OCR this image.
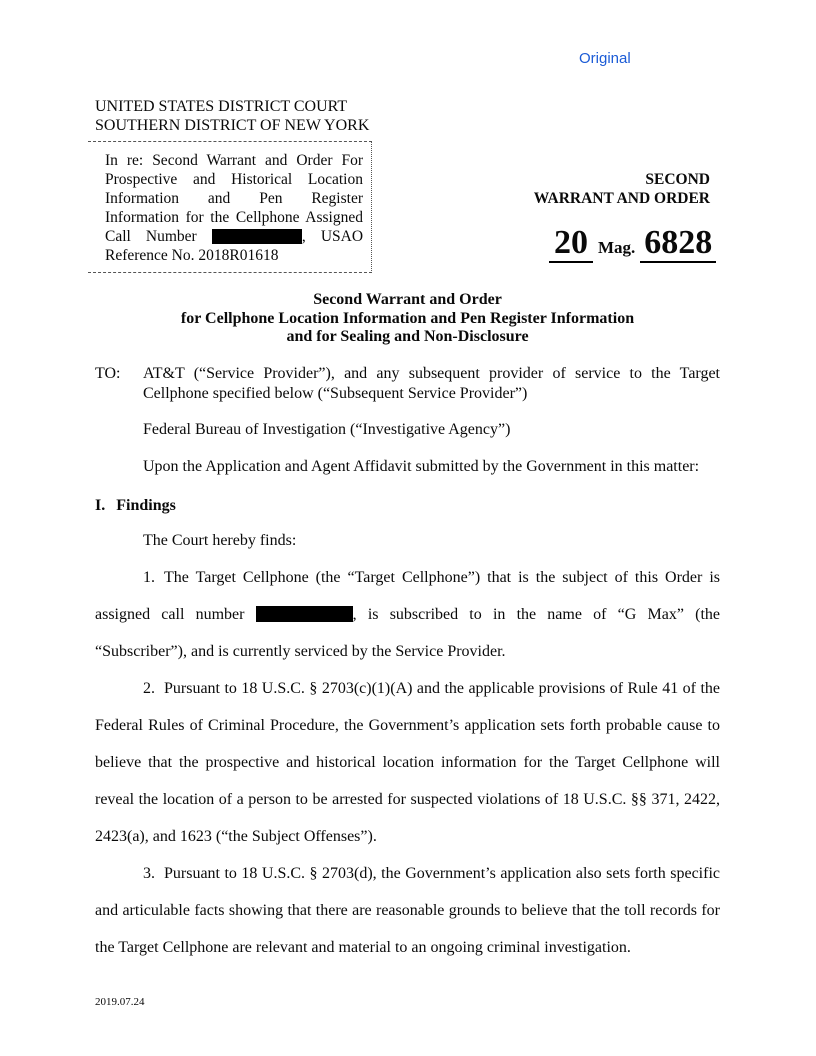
Original
UNITED STATES DISTRICT COURT
SOUTHERN DISTRICT OF NEW YORK
In re: Second Warrant and Order For
Prospective and Historical Location
Information and Pen Register
Information for the Cellphone Assigned
Call Number	, USAO
Reference No. 2018R01618
SECOND
WARRANT AND ORDER
20 Mag. 6828
Second Warrant and Order
for Cellphone Location Information and Pen Register Information
and for Sealing and Non-Disclosure
TO: AT&T (“Service Provider”), and any subsequent provider of service to the Target Cellphone specified below (“Subsequent Service Provider”)
Federal Bureau of Investigation (“Investigative Agency”)
Upon the Application and Agent Affidavit submitted by the Government in this matter:
I. Findings
The Court hereby finds:

1. The Target Cellphone (the “Target Cellphone”) that is the subject of this Order is assigned call number	, is subscribed to in the name of “G Max” (the “Subscriber”), and is currently serviced by the Service Provider.

2. Pursuant to 18 U.S.C. § 2703(c)(1)(A) and the applicable provisions of Rule 41 of the Federal Rules of Criminal Procedure, the Government’s application sets forth probable cause to believe that the prospective and historical location information for the Target Cellphone will reveal the location of a person to be arrested for suspected violations of 18 U.S.C. §§ 371, 2422, 2423(a), and 1623 (“the Subject Offenses”).

3. Pursuant to 18 U.S.C. § 2703(d), the Government’s application also sets forth specific and articulable facts showing that there are reasonable grounds to believe that the toll records for the Target Cellphone are relevant and material to an ongoing criminal investigation.

2019.07.24
